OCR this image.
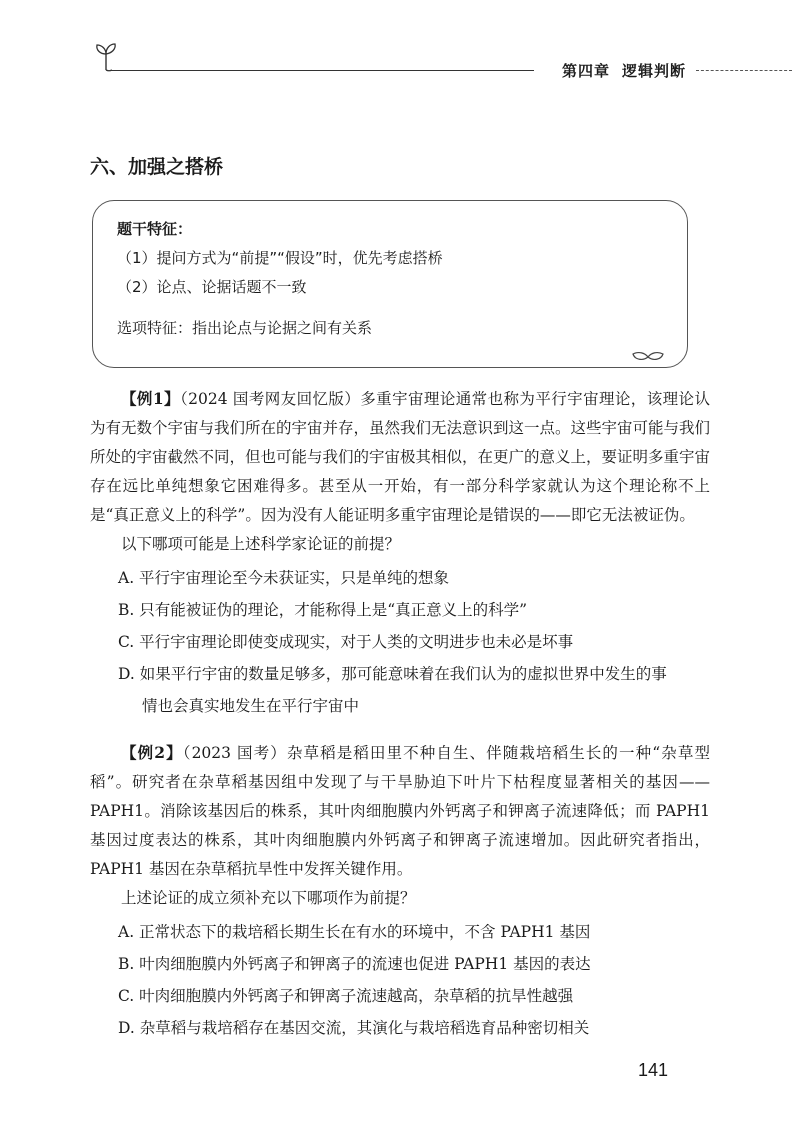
第四章 逻辑判断
六、加强之搭桥
题干特征：
（1）提问方式为“前提”“假设”时，优先考虑搭桥
（2）论点、论据话题不一致
选项特征：指出论点与论据之间有关系

【例1】（2024 国考网友回忆版）多重宇宙理论通常也称为平行宇宙理论，该理论认为有无数个宇宙与我们所在的宇宙并存，虽然我们无法意识到这一点。这些宇宙可能与我们所处的宇宙截然不同，但也可能与我们的宇宙极其相似，在更广的意义上，要证明多重宇宙存在远比单纯想象它困难得多。甚至从一开始，有一部分科学家就认为这个理论称不上是“真正意义上的科学”。因为没有人能证明多重宇宙理论是错误的——即它无法被证伪。

以下哪项可能是上述科学家论证的前提？

A. 平行宇宙理论至今未获证实，只是单纯的想象
B. 只有能被证伪的理论，才能称得上是“真正意义上的科学”
C. 平行宇宙理论即使变成现实，对于人类的文明进步也未必是坏事
D. 如果平行宇宙的数量足够多，那可能意味着在我们认为的虚拟世界中发生的事
情也会真实地发生在平行宇宙中

【例2】（2023 国考）杂草稻是稻田里不种自生、伴随栽培稻生长的一种“杂草型稻”。研究者在杂草稻基因组中发现了与干旱胁迫下叶片下枯程度显著相关的基因——PAPH1。消除该基因后的株系，其叶肉细胞膜内外钙离子和钾离子流速降低；而 PAPH1 基因过度表达的株系，其叶肉细胞膜内外钙离子和钾离子流速增加。因此研究者指出，PAPH1 基因在杂草稻抗旱性中发挥关键作用。

上述论证的成立须补充以下哪项作为前提？

A. 正常状态下的栽培稻长期生长在有水的环境中，不含 PAPH1 基因
B. 叶肉细胞膜内外钙离子和钾离子的流速也促进 PAPH1 基因的表达
C. 叶肉细胞膜内外钙离子和钾离子流速越高，杂草稻的抗旱性越强
D. 杂草稻与栽培稻存在基因交流，其演化与栽培稻选育品种密切相关
141
